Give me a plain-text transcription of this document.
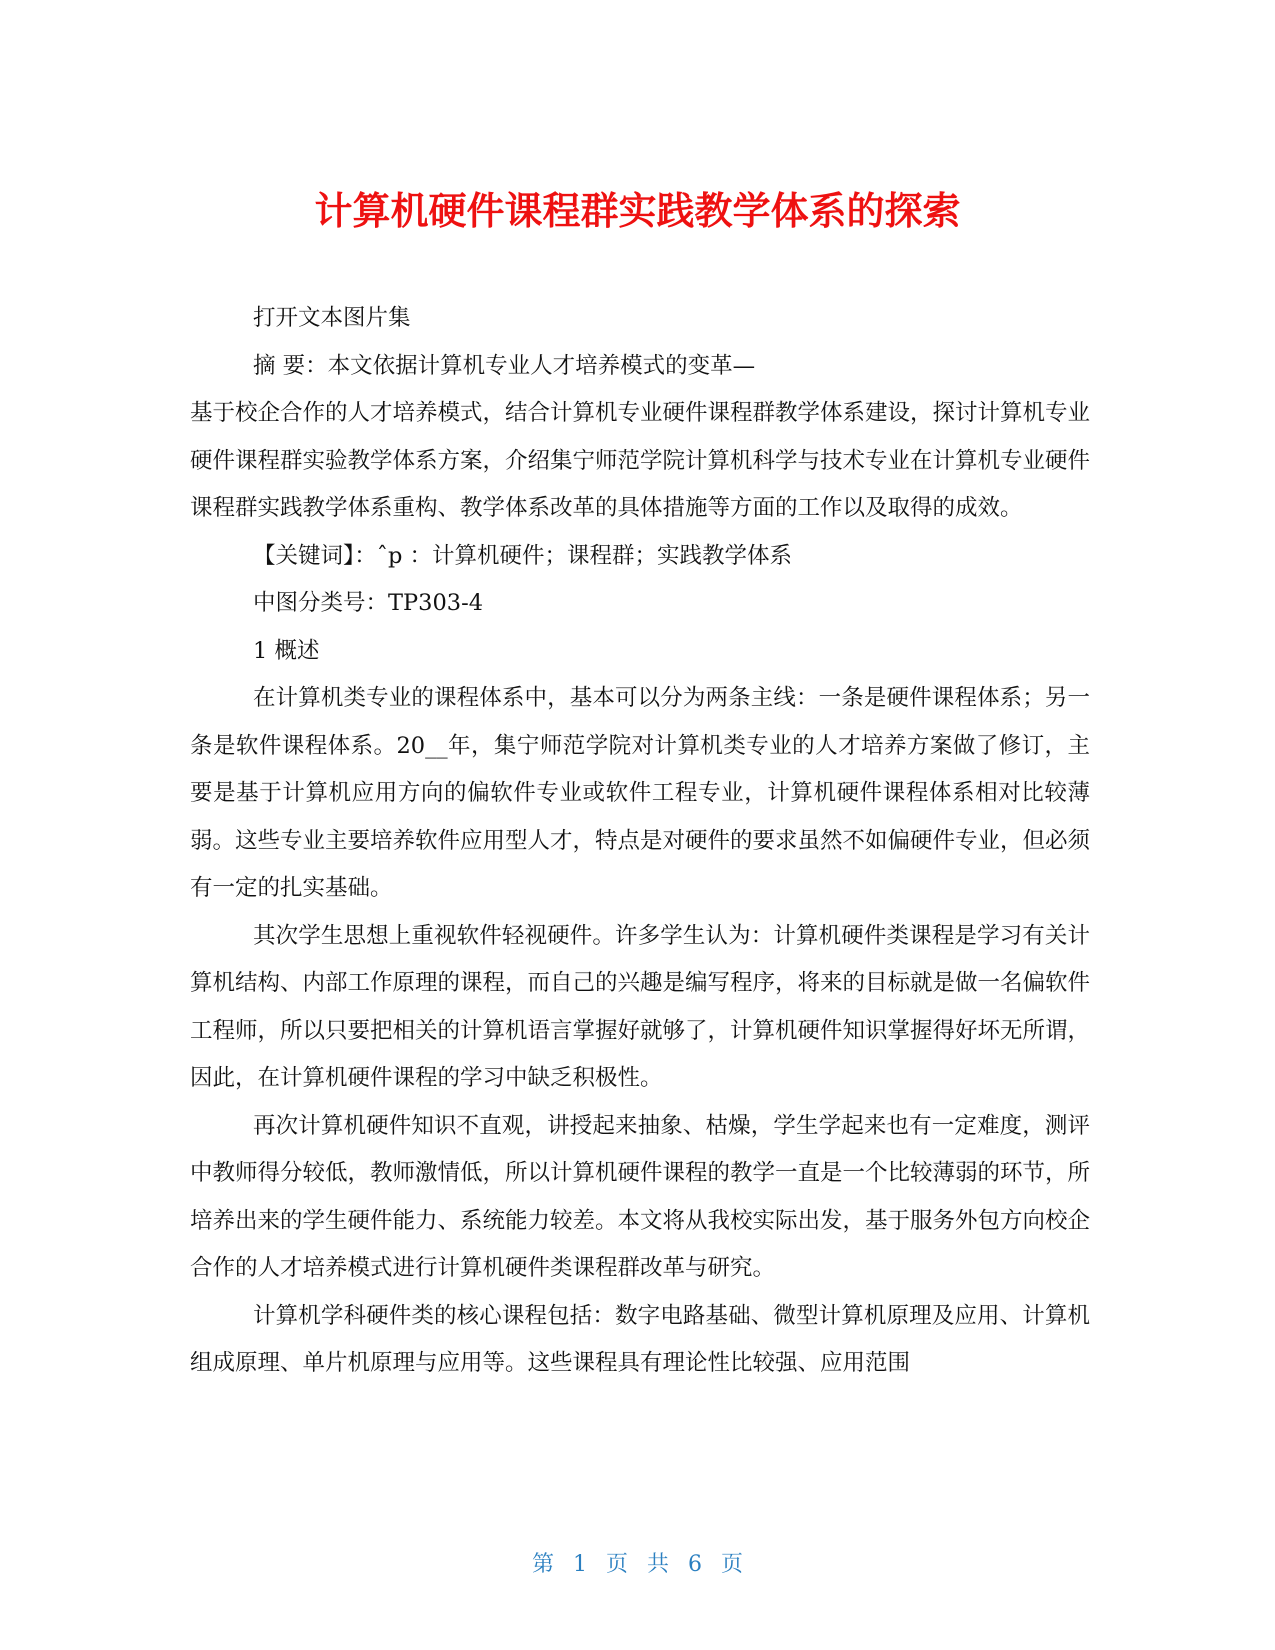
计算机硬件课程群实践教学体系的探索

打开文本图片集

摘 要：本文依据计算机专业人才培养模式的变革—

基于校企合作的人才培养模式，结合计算机专业硬件课程群教学体系建设，探讨计算机专业硬件课程群实验教学体系方案，介绍集宁师范学院计算机科学与技术专业在计算机专业硬件课程群实践教学体系重构、教学体系改革的具体措施等方面的工作以及取得的成效。

【关键词】：ˆp ：计算机硬件；课程群；实践教学体系

中图分类号：TP303-4

1 概述

在计算机类专业的课程体系中，基本可以分为两条主线：一条是硬件课程体系；另一条是软件课程体系。20__年，集宁师范学院对计算机类专业的人才培养方案做了修订，主要是基于计算机应用方向的偏软件专业或软件工程专业，计算机硬件课程体系相对比较薄弱。这些专业主要培养软件应用型人才，特点是对硬件的要求虽然不如偏硬件专业，但必须有一定的扎实基础。

其次学生思想上重视软件轻视硬件。许多学生认为：计算机硬件类课程是学习有关计算机结构、内部工作原理的课程，而自己的兴趣是编写程序，将来的目标就是做一名偏软件工程师，所以只要把相关的计算机语言掌握好就够了，计算机硬件知识掌握得好坏无所谓，因此，在计算机硬件课程的学习中缺乏积极性。

再次计算机硬件知识不直观，讲授起来抽象、枯燥，学生学起来也有一定难度，测评中教师得分较低，教师激情低，所以计算机硬件课程的教学一直是一个比较薄弱的环节，所培养出来的学生硬件能力、系统能力较差。本文将从我校实际出发，基于服务外包方向校企合作的人才培养模式进行计算机硬件类课程群改革与研究。

计算机学科硬件类的核心课程包括：数字电路基础、微型计算机原理及应用、计算机组成原理、单片机原理与应用等。这些课程具有理论性比较强、应用范围

第 1 页 共 6 页
